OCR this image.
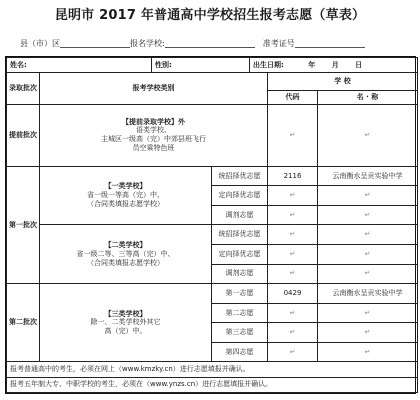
昆明市 2017 年普通高中学校招生报考志愿（草表）
县（市）区	报名学校:	准考证号
姓名:		性别:		出生日期: 年 月 日		
录取批次	报考学校类别				学 校	
					代码	名 · 称
提前批次	【提前录取学校】外
语类学校、
主城区一级高（完）中郊县班飞行
员空乘特色班				↵	↵
第一批次	【一类学校】
省一级一等高（完）中、
（合同类填报志愿学校）		统招择优志愿		2116	云南衡水呈贡实验中学
			定向择优志愿		↵	↵
			调剂志愿		↵	↵

	【二类学校】
省一级二等、三等高（完）中、
（合同类填报志愿学校）		统招择优志愿		↵	↵
			定向择优志愿		↵	↵
			调剂志愿		↵	↵
第二批次	【三类学校】
除一、二类学校外其它
高（完）中。		第一志愿		0429	云南衡水呈贡实验中学
			第二志愿		↵	↵
			第三志愿		↵	↵
			第四志愿		↵	↵
报考普通高中的考生，必须在网上（www.kmzky.cn）进行志愿填报并确认。						
报考五年制大专、中职学校的考生，必须在（www.ynzs.cn）进行志愿填报并确认。						
